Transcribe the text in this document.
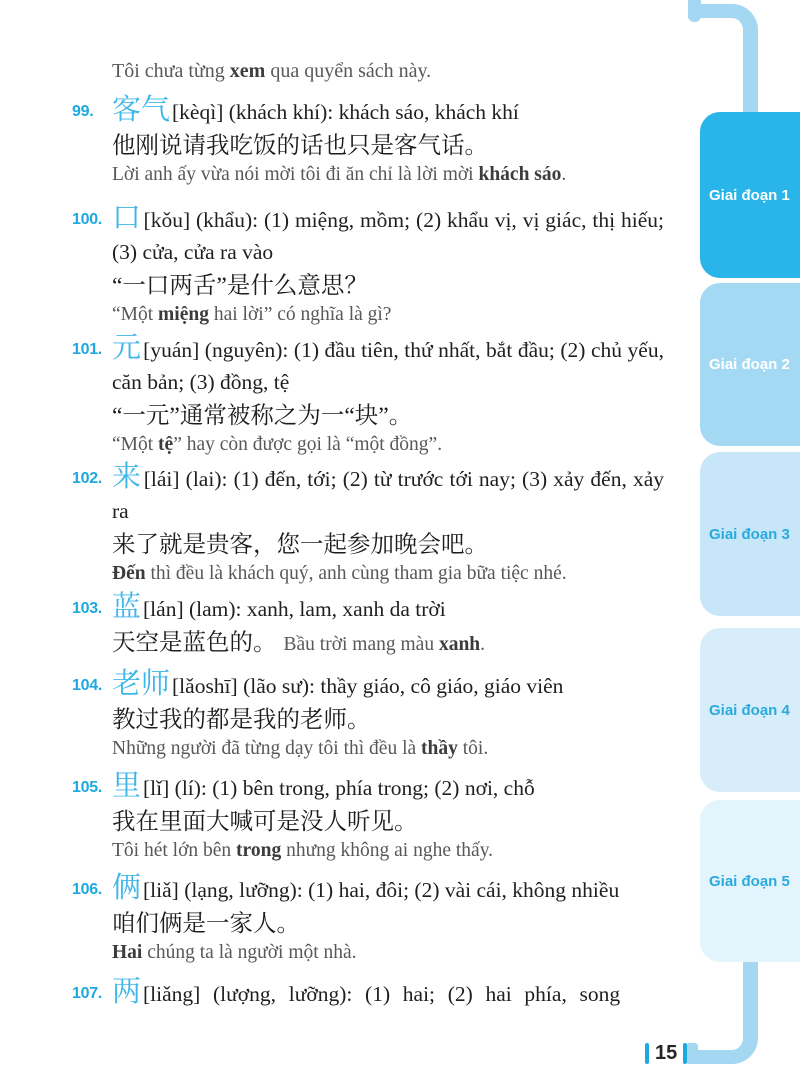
Giai đoạn 1
Giai đoạn 2
Giai đoạn 3
Giai đoạn 4
Giai đoạn 5
Tôi chưa từng xem qua quyển sách này.
99. 客气[kèqì] (khách khí): khách sáo, khách khí
他刚说请我吃饭的话也只是客气话。
Lời anh ấy vừa nói mời tôi đi ăn chỉ là lời mời khách sáo.
100. 口[kǒu] (khẩu): (1) miệng, mồm; (2) khẩu vị, vị giác, thị hiếu; (3) cửa, cửa ra vào
“一口两舌”是什么意思？
“Một miệng hai lời” có nghĩa là gì?
101. 元[yuán] (nguyên): (1) đầu tiên, thứ nhất, bắt đầu; (2) chủ yếu, căn bản; (3) đồng, tệ
“一元”通常被称之为一“块”。
“Một tệ” hay còn được gọi là “một đồng”.
102. 来[lái] (lai): (1) đến, tới; (2) từ trước tới nay; (3) xảy đến, xảy ra
来了就是贵客，您一起参加晚会吧。
Đến thì đều là khách quý, anh cùng tham gia bữa tiệc nhé.
103. 蓝[lán] (lam): xanh, lam, xanh da trời
天空是蓝色的。 Bầu trời mang màu xanh.
104. 老师[lǎoshī] (lão sư): thầy giáo, cô giáo, giáo viên
教过我的都是我的老师。
Những người đã từng dạy tôi thì đều là thầy tôi.
105. 里[lǐ] (lí): (1) bên trong, phía trong; (2) nơi, chỗ
我在里面大喊可是没人听见。
Tôi hét lớn bên trong nhưng không ai nghe thấy.
106. 俩[liǎ] (lạng, lưỡng): (1) hai, đôi; (2) vài cái, không nhiều
咱们俩是一家人。
Hai chúng ta là người một nhà.
107. 两[liǎng] (lượng, lưỡng): (1) hai; (2) hai phía, song
15
